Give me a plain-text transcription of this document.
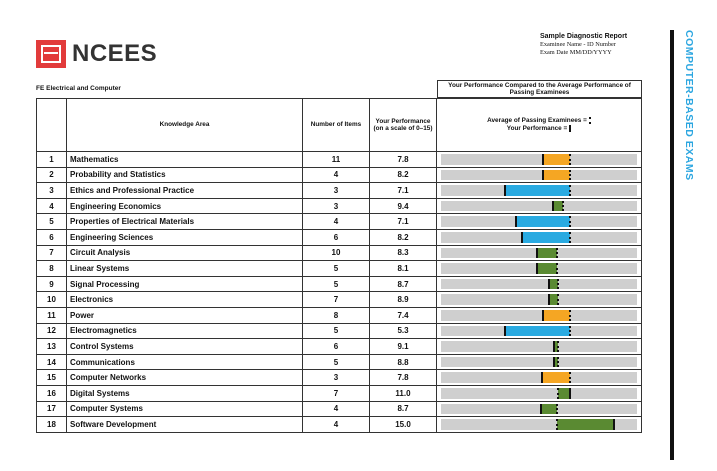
NCEES
Sample Diagnostic Report
Examinee Name - ID Number
Exam Date MM/DD/YYYY	COMPUTER-BASED EXAMS
FE Electrical and Computer	Your Performance Compared to the Average Performance of Passing Examinees
	Knowledge Area	Number of Items	Your Performance (on a scale of 0–15)	Average of Passing Examinees =
Your Performance =

1	Mathematics	11	7.8	

2	Probability and Statistics	4	8.2	

3	Ethics and Professional Practice	3	7.1	

4	Engineering Economics	3	9.4	

5	Properties of Electrical Materials	4	7.1	

6	Engineering Sciences	6	8.2	

7	Circuit Analysis	10	8.3	

8	Linear Systems	5	8.1	

9	Signal Processing	5	8.7	

10	Electronics	7	8.9	

11	Power	8	7.4	

12	Electromagnetics	5	5.3	

13	Control Systems	6	9.1	

14	Communications	5	8.8	

15	Computer Networks	3	7.8	

16	Digital Systems	7	11.0	

17	Computer Systems	4	8.7	

18	Software Development	4	15.0	
